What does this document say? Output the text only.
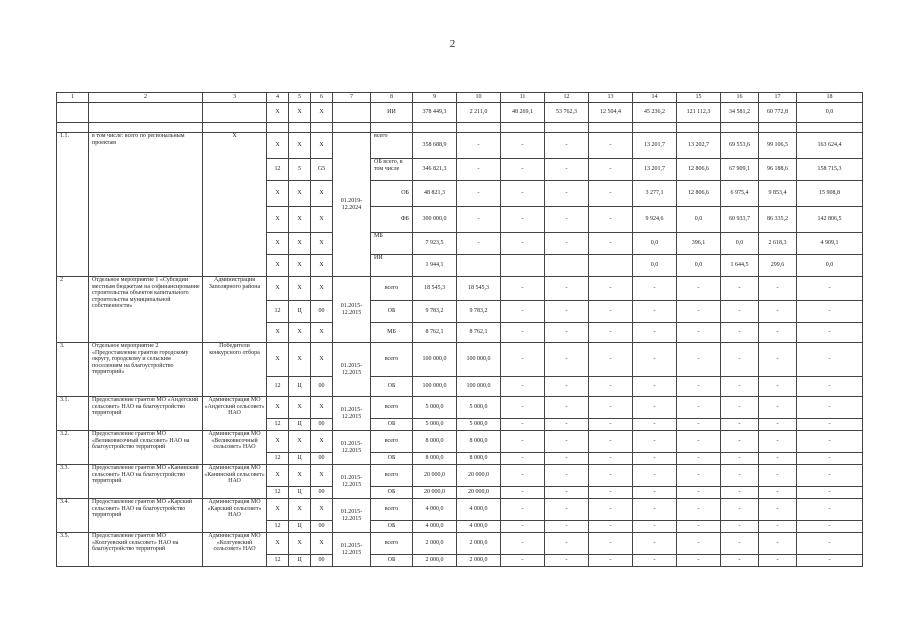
2
1	2	3	4	5	6	7	8	9	10	11	12	13	14	15	16	17	18
			X	X	X		ИИ	378 449,3	2 211,0	48 269,1	53 762,3	12 504,4	45 236,2	121 112,3	34 581,2	60 772,8	0,0

1.1.	в том числе: всего по региональным проектам	X	X	X	X	01.2019-12.2024	всего	358 688,9	-	-	-	-	13 201,7	13 202,7	69 553,6	99 106,5	163 624,4
			12	5	G5		ОБ всего, в том числе	346 821,3	-	-	-	-	13 201,7	12 806,6	67 909,1	96 188,6	158 715,3
			X	X	X		ОБ	48 821,3	-	-	-	-	3 277,1	12 806,6	6 975,4	9 853,4	15 908,8
			X	X	X		ФБ	300 000,0	-	-	-	-	9 924,6	0,0	60 933,7	86 335,2	142 806,5
			X	X	X		МБ	7 923,5	-	-	-	-	0,0	396,1	0,0	2 618,3	4 909,1
			X	X	X		ИИ	1 944,1					0,0	0,0	1 644,5	299,6	0,0
2	Отдельное мероприятие 1 «Субсидии местным бюджетам на софинансирование строительства объектов капитального строительства муниципальной собственности»	Администрация Заполярного района	X	X	X	01.2015-12.2015	всего	18 545,3	18 545,3	-	-	-	-	-	-	-	-
			12	Ц	00		ОБ	9 783,2	9 783,2	-	-	-	-	-	-	-	-
			X	X	X		МБ	8 762,1	8 762,1	-	-	-	-	-	-	-	-
3.	Отдельное мероприятие 2 «Предоставление грантов городскому округу, городскому и сельским поселениям на благоустройство территорий»	Победители конкурсного отбора	X	X	X	01.2015-12.2015	всего	100 000,0	100 000,0	-	-	-	-	-	-	-	-
			12	Ц	00		ОБ	100 000,0	100 000,0	-	-	-	-	-	-	-	-
3.1.	Предоставление грантов МО «Андегский сельсовет» НАО на благоустройство территорий	Администрация МО «Андегский сельсовет» НАО	X	X	X	01.2015-12.2015	всего	5 000,0	5 000,0	-	-	-	-	-	-	-	-
			12	Ц	00		ОБ	5 000,0	5 000,0	-	-	-	-	-	-	-	-
3.2.	Предоставление грантов МО «Великовисочный сельсовет» НАО на благоустройство территорий	Администрация МО «Великовисочный сельсовет» НАО	X	X	X	01.2015-12.2015	всего	8 000,0	8 000,0	-	-	-	-	-	-	-	-
			12	Ц	00		ОБ	8 000,0	8 000,0	-	-	-	-	-	-	-	-
3.3.	Предоставление грантов МО «Канинский сельсовет» НАО на благоустройство территорий	Администрация МО «Канинский сельсовет» НАО	X	X	X	01.2015-12.2015	всего	20 000,0	20 000,0	-	-	-	-	-	-	-	-
			12	Ц	00		ОБ	20 000,0	20 000,0	-	-	-	-	-	-	-	-
3.4.	Предоставление грантов МО «Карский сельсовет» НАО на благоустройство территорий	Администрация МО «Карский сельсовет» НАО	X	X	X	01.2015-12.2015	всего	4 000,0	4 000,0	-	-	-	-	-	-	-	-
			12	Ц	00		ОБ	4 000,0	4 000,0	-	-	-	-	-	-	-	-
3.5.	Предоставление грантов МО «Колгуевский сельсовет» НАО на благоустройство территорий	Администрация МО «Колгуевский сельсовет» НАО	X	X	X	01.2015-12.2015	всего	2 000,0	2 000,0	-	-	-	-	-	-	-	-
			12	Ц	00		ОБ	2 000,0	2 000,0	-	-	-	-	-	-	-	-
